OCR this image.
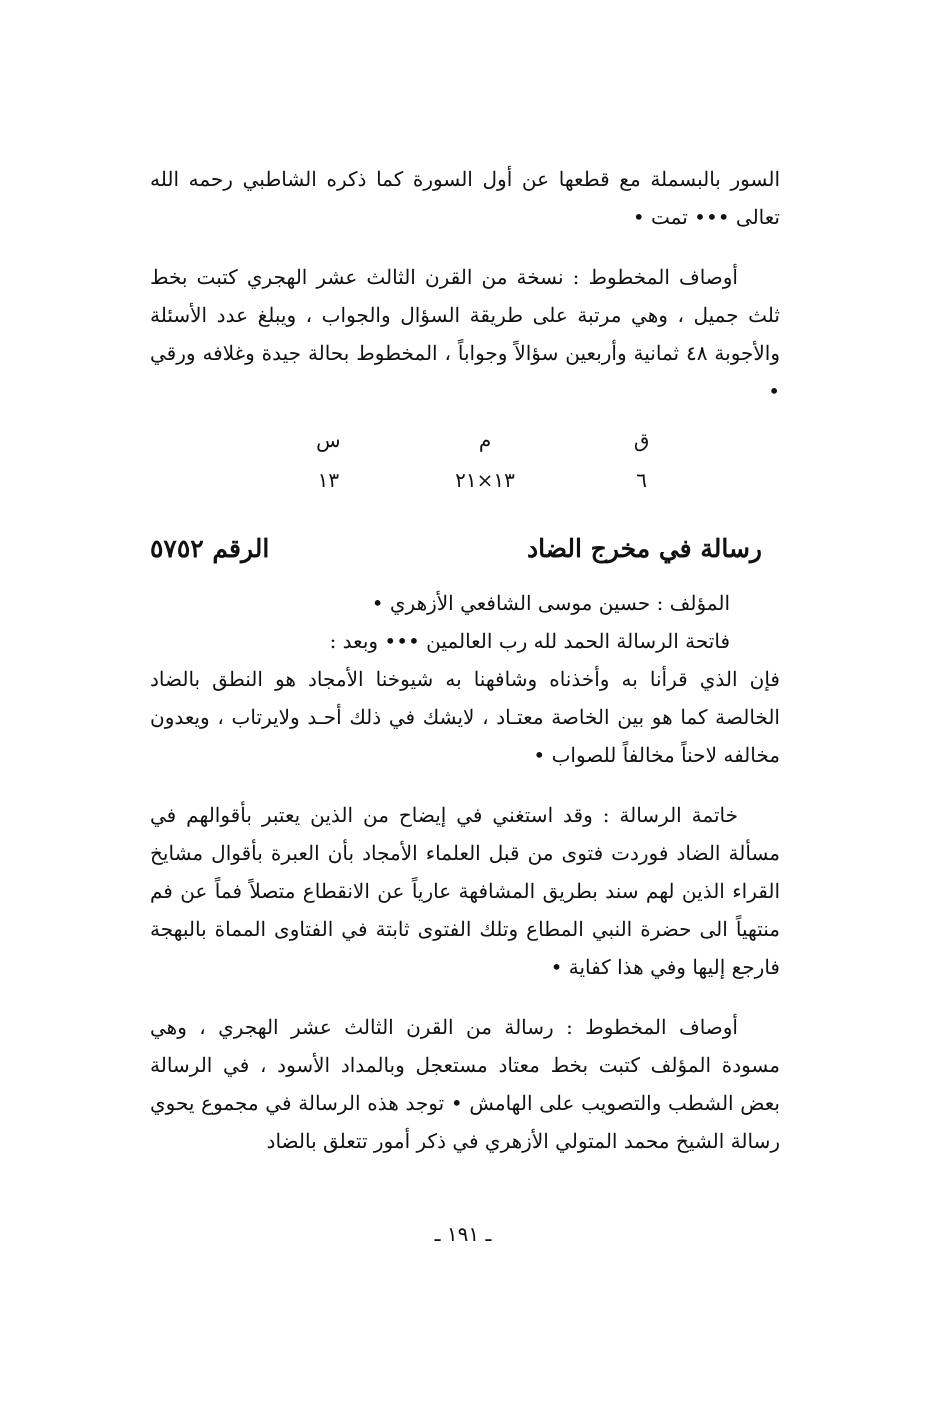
السور بالبسملة مع قطعها عن أول السورة كما ذكره الشاطبي رحمه الله تعالى ••• تمت •

أوصاف المخطوط : نسخة من القرن الثالث عشر الهجري كتبت بخط ثلث جميل ، وهي مرتبة على طريقة السؤال والجواب ، ويبلغ عدد الأسئلة والأجوبة ٤٨ ثمانية وأربعين سؤالاً وجواباً ، المخطوط بحالة جيدة وغلافه ورقي •

ق
م
س
٦
١٣×٢١
١٣
رسالة في مخرج الضاد
الرقم ٥٧٥٢

المؤلف : حسين موسى الشافعي الأزهري •

فاتحة الرسالة الحمد لله رب العالمين ••• وبعد :

فإن الذي قرأنا به وأخذناه وشافهنا به شيوخنا الأمجاد هو النطق بالضاد الخالصة كما هو بين الخاصة معتـاد ، لايشك في ذلك أحـد ولايرتاب ، ويعدون مخالفه لاحناً مخالفاً للصواب •

خاتمة الرسالة : وقد استغني في إيضاح من الذين يعتبر بأقوالهم في مسألة الضاد فوردت فتوى من قبل العلماء الأمجاد بأن العبرة بأقوال مشايخ القراء الذين لهم سند بطريق المشافهة عارياً عن الانقطاع متصلاً فماً عن فم منتهياً الى حضرة النبي المطاع وتلك الفتوى ثابتة في الفتاوى المماة بالبهجة فارجع إليها وفي هذا كفاية •

أوصاف المخطوط : رسالة من القرن الثالث عشر الهجري ، وهي مسودة المؤلف كتبت بخط معتاد مستعجل وبالمداد الأسود ، في الرسالة بعض الشطب والتصويب على الهامش • توجد هذه الرسالة في مجموع يحوي رسالة الشيخ محمد المتولي الأزهري في ذكر أمور تتعلق بالضاد

ـ ١٩١ ـ
